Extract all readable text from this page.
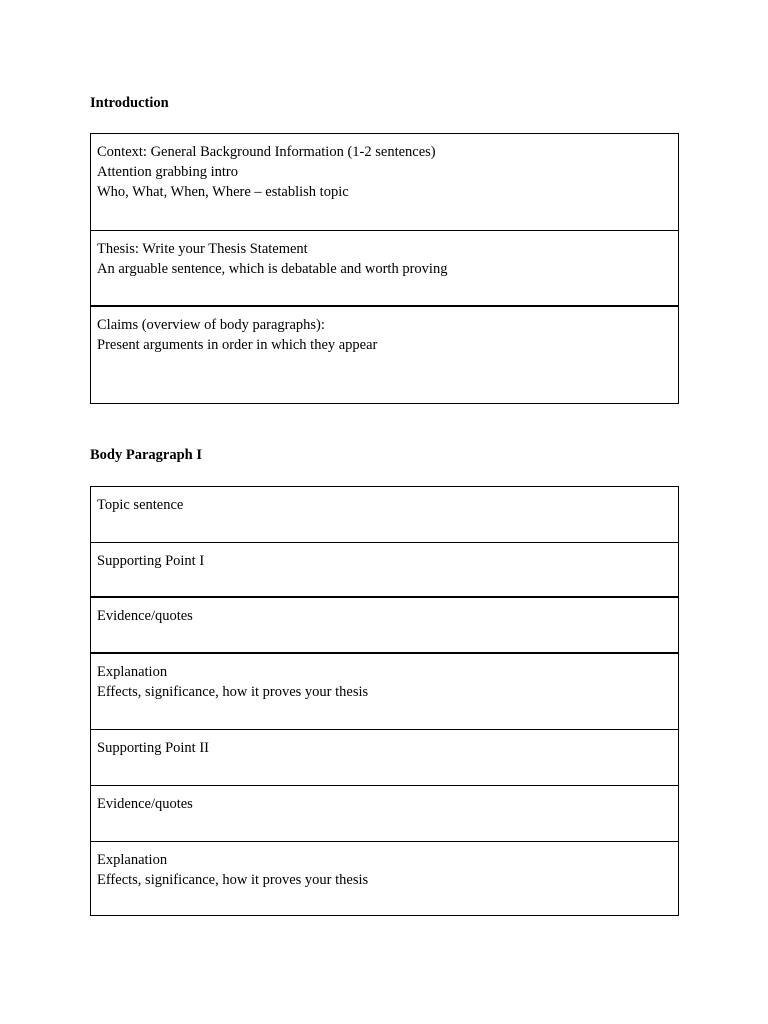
Introduction
Context: General Background Information (1-2 sentences)
Attention grabbing intro
Who, What, When, Where – establish topic
Thesis: Write your Thesis Statement
An arguable sentence, which is debatable and worth proving
Claims (overview of body paragraphs):
Present arguments in order in which they appear
Body Paragraph I
Topic sentence
Supporting Point I
Evidence/quotes
Explanation
Effects, significance, how it proves your thesis
Supporting Point II
Evidence/quotes
Explanation
Effects, significance, how it proves your thesis
